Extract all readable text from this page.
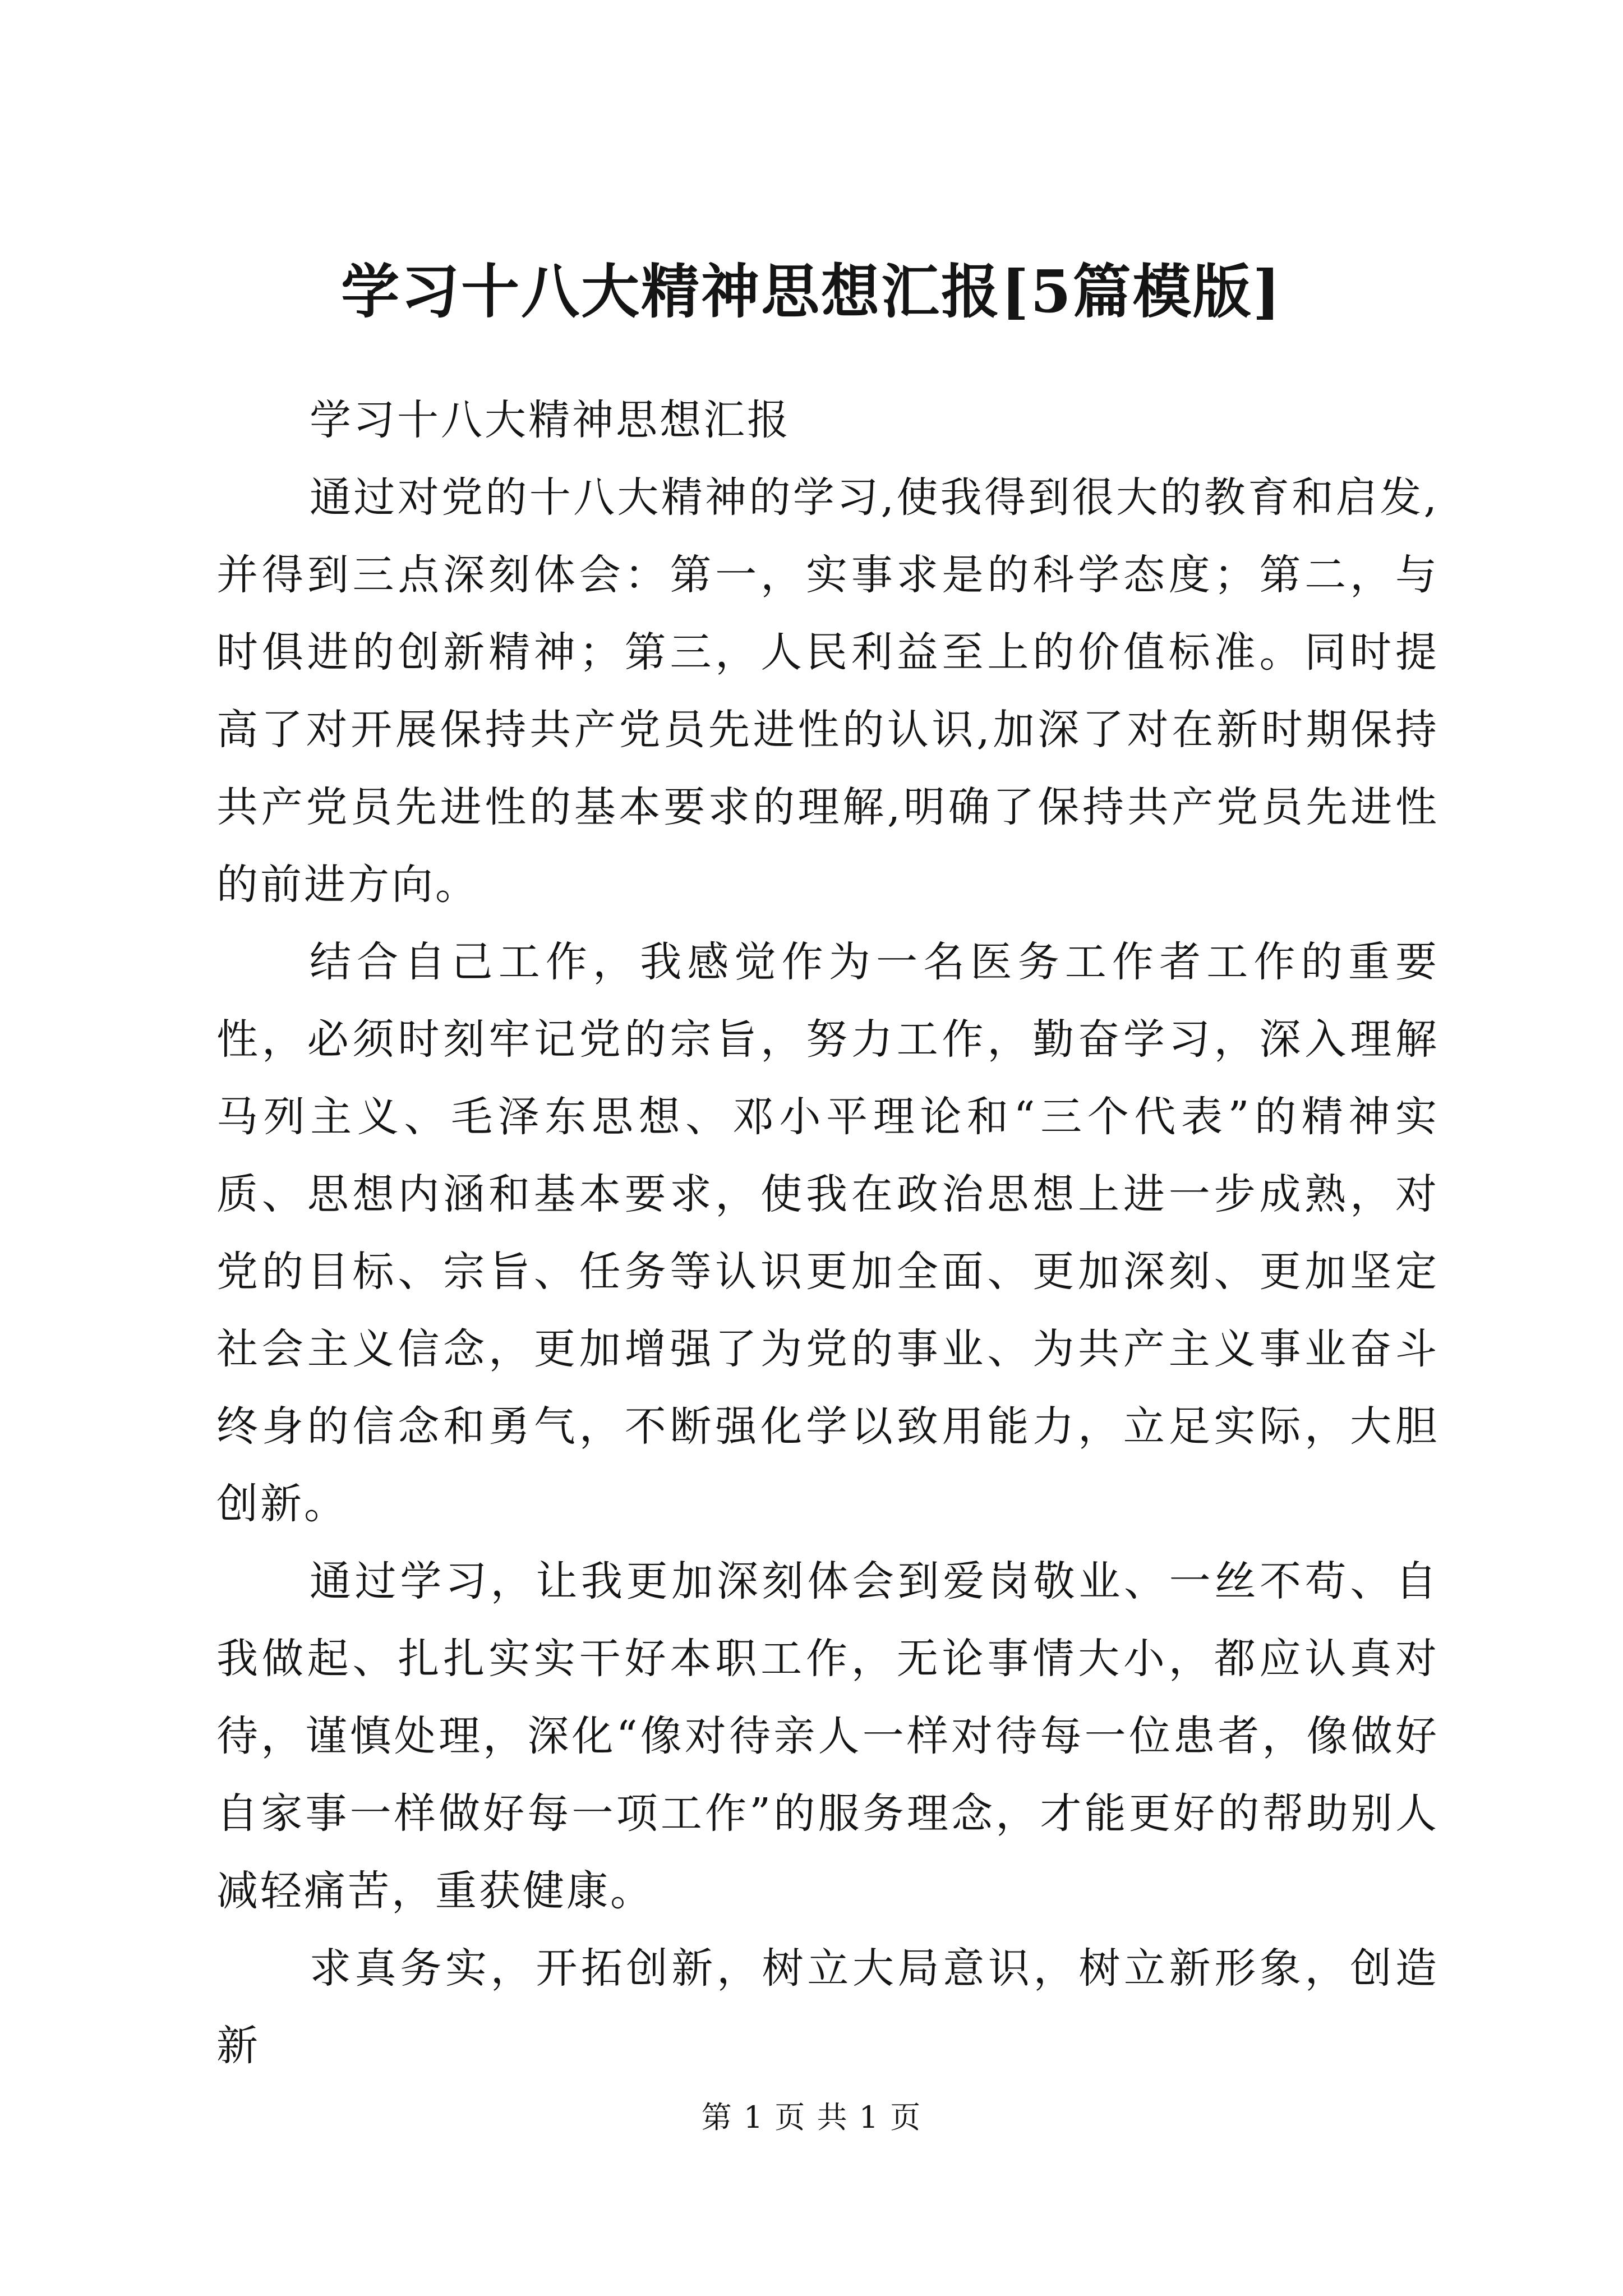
学习十八大精神思想汇报[5篇模版]

学习十八大精神思想汇报

通过对党的十八大精神的学习,使我得到很大的教育和启发,并得到三点深刻体会：第一，实事求是的科学态度；第二，与时俱进的创新精神；第三，人民利益至上的价值标准。同时提高了对开展保持共产党员先进性的认识,加深了对在新时期保持共产党员先进性的基本要求的理解,明确了保持共产党员先进性的前进方向。

结合自己工作，我感觉作为一名医务工作者工作的重要性，必须时刻牢记党的宗旨，努力工作，勤奋学习，深入理解马列主义、毛泽东思想、邓小平理论和“三个代表”的精神实质、思想内涵和基本要求，使我在政治思想上进一步成熟，对党的目标、宗旨、任务等认识更加全面、更加深刻、更加坚定社会主义信念，更加增强了为党的事业、为共产主义事业奋斗终身的信念和勇气，不断强化学以致用能力，立足实际，大胆创新。

通过学习，让我更加深刻体会到爱岗敬业、一丝不苟、自我做起、扎扎实实干好本职工作，无论事情大小，都应认真对待，谨慎处理，深化“像对待亲人一样对待每一位患者，像做好自家事一样做好每一项工作”的服务理念，才能更好的帮助别人减轻痛苦，重获健康。

求真务实，开拓创新，树立大局意识，树立新形象，创造新

第 1 页 共 1 页
